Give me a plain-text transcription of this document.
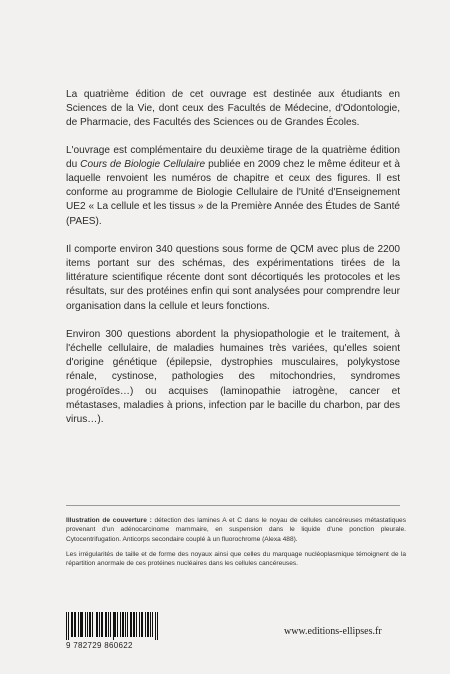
La quatrième édition de cet ouvrage est destinée aux étudiants en Sciences de la Vie, dont ceux des Facultés de Médecine, d'Odontologie, de Pharmacie, des Facultés des Sciences ou de Grandes Écoles.

L'ouvrage est complémentaire du deuxième tirage de la quatrième édition du Cours de Biologie Cellulaire publiée en 2009 chez le même éditeur et à laquelle renvoient les numéros de chapitre et ceux des figures. Il est conforme au programme de Biologie Cellulaire de l'Unité d'Enseignement UE2 « La cellule et les tissus » de la Première Année des Études de Santé (PAES).

Il comporte environ 340 questions sous forme de QCM avec plus de 2200 items portant sur des schémas, des expérimentations tirées de la littérature scientifique récente dont sont décortiqués les protocoles et les résultats, sur des protéines enfin qui sont analysées pour comprendre leur organisation dans la cellule et leurs fonctions.

Environ 300 questions abordent la physiopathologie et le traitement, à l'échelle cellulaire, de maladies humaines très variées, qu'elles soient d'origine génétique (épilepsie, dystrophies musculaires, polykystose rénale, cystinose, pathologies des mitochondries, syndromes progéroïdes…) ou acquises (laminopathie iatrogène, cancer et métastases, maladies à prions, infection par le bacille du charbon, par des virus…).

Illustration de couverture : détection des lamines A et C dans le noyau de cellules cancéreuses métastatiques provenant d'un adénocarcinome mammaire, en suspension dans le liquide d'une ponction pleurale. Cytocentrifugation. Anticorps secondaire couplé à un fluorochrome (Alexa 488).

Les irrégularités de taille et de forme des noyaux ainsi que celles du marquage nucléoplasmique témoignent de la répartition anormale de ces protéines nucléaires dans les cellules cancéreuses.

9 782729 860622
www.editions-ellipses.fr
